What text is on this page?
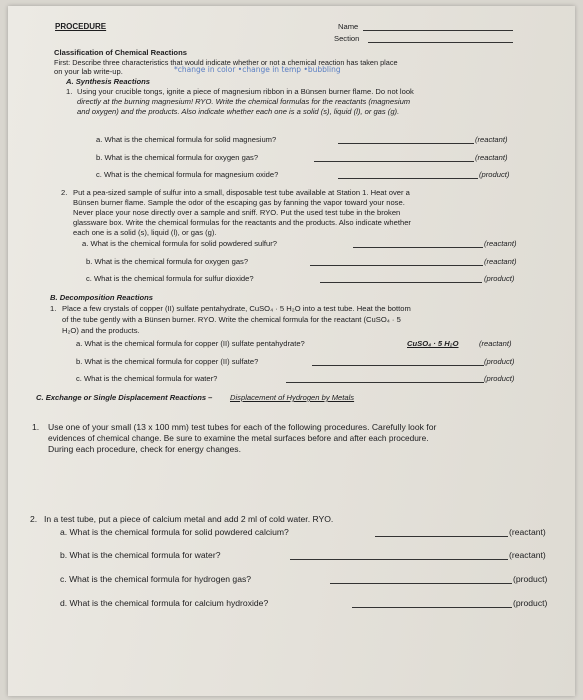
PROCEDURE	Name
Section
Classification of Chemical Reactions
First: Describe three characteristics that would indicate whether or not a chemical reaction has taken place
on your lab write-up.	*change in color •change in temp •bubbling
A. Synthesis Reactions
1. Using your crucible tongs, ignite a piece of magnesium ribbon in a Bünsen burner flame. Do not look
directly at the burning magnesium! RYO. Write the chemical formulas for the reactants (magnesium
and oxygen) and the products. Also indicate whether each one is a solid (s), liquid (l), or gas (g).
a. What is the chemical formula for solid magnesium?	(reactant)
b. What is the chemical formula for oxygen gas?	(reactant)
c. What is the chemical formula for magnesium oxide?	(product)
2. Put a pea-sized sample of sulfur into a small, disposable test tube available at Station 1. Heat over a
Bünsen burner flame. Sample the odor of the escaping gas by fanning the vapor toward your nose.
Never place your nose directly over a sample and sniff. RYO. Put the used test tube in the broken
glassware box. Write the chemical formulas for the reactants and the products. Also indicate whether
each one is a solid (s), liquid (l), or gas (g).
a. What is the chemical formula for solid powdered sulfur?	(reactant)
b. What is the chemical formula for oxygen gas?	(reactant)
c. What is the chemical formula for sulfur dioxide?	(product)
B. Decomposition Reactions
1. Place a few crystals of copper (II) sulfate pentahydrate, CuSO₄ · 5 H₂O into a test tube. Heat the bottom
of the tube gently with a Bünsen burner. RYO. Write the chemical formula for the reactant (CuSO₄ · 5
H₂O) and the products.
a. What is the chemical formula for copper (II) sulfate pentahydrate?	CuSO₄ · 5 H₂O	(reactant)
b. What is the chemical formula for copper (II) sulfate?	(product)
c. What is the chemical formula for water?	(product)
C. Exchange or Single Displacement Reactions – Displacement of Hydrogen by Metals
1. Use one of your small (13 x 100 mm) test tubes for each of the following procedures. Carefully look for
evidences of chemical change. Be sure to examine the metal surfaces before and after each procedure.
During each procedure, check for energy changes.
2. In a test tube, put a piece of calcium metal and add 2 ml of cold water. RYO.
a. What is the chemical formula for solid powdered calcium?	(reactant)
b. What is the chemical formula for water?	(reactant)
c. What is the chemical formula for hydrogen gas?	(product)
d. What is the chemical formula for calcium hydroxide?	(product)
